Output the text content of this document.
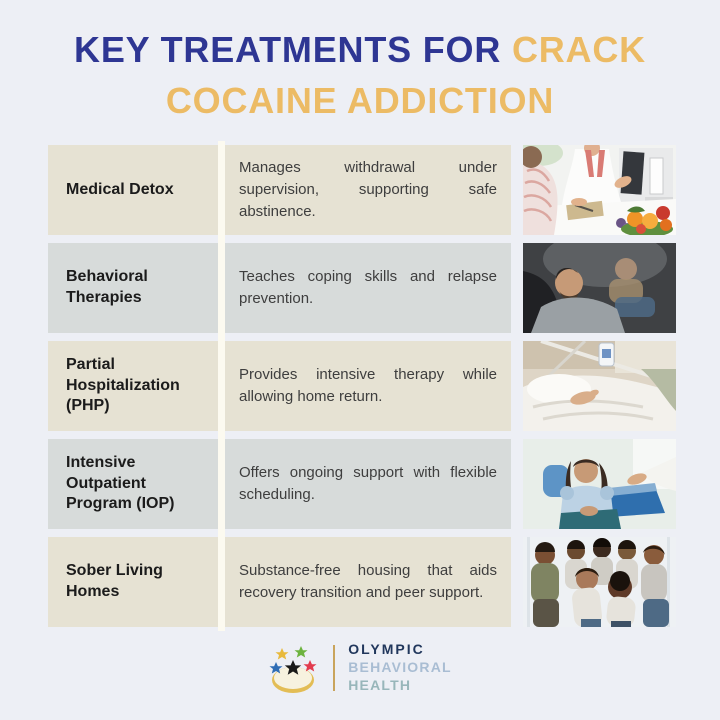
KEY TREATMENTS FOR CRACK
COCAINE ADDICTION
Medical Detox
Manages withdrawal under supervision, supporting safe abstinence.
Behavioral Therapies
Teaches coping skills and relapse prevention.
Partial Hospitalization (PHP)
Provides intensive therapy while allowing home return.
Intensive Outpatient Program (IOP)
Offers ongoing support with flexible scheduling.
Sober Living Homes
Substance-free housing that aids recovery transition and peer support.
OLYMPIC
BEHAVIORAL
HEALTH
